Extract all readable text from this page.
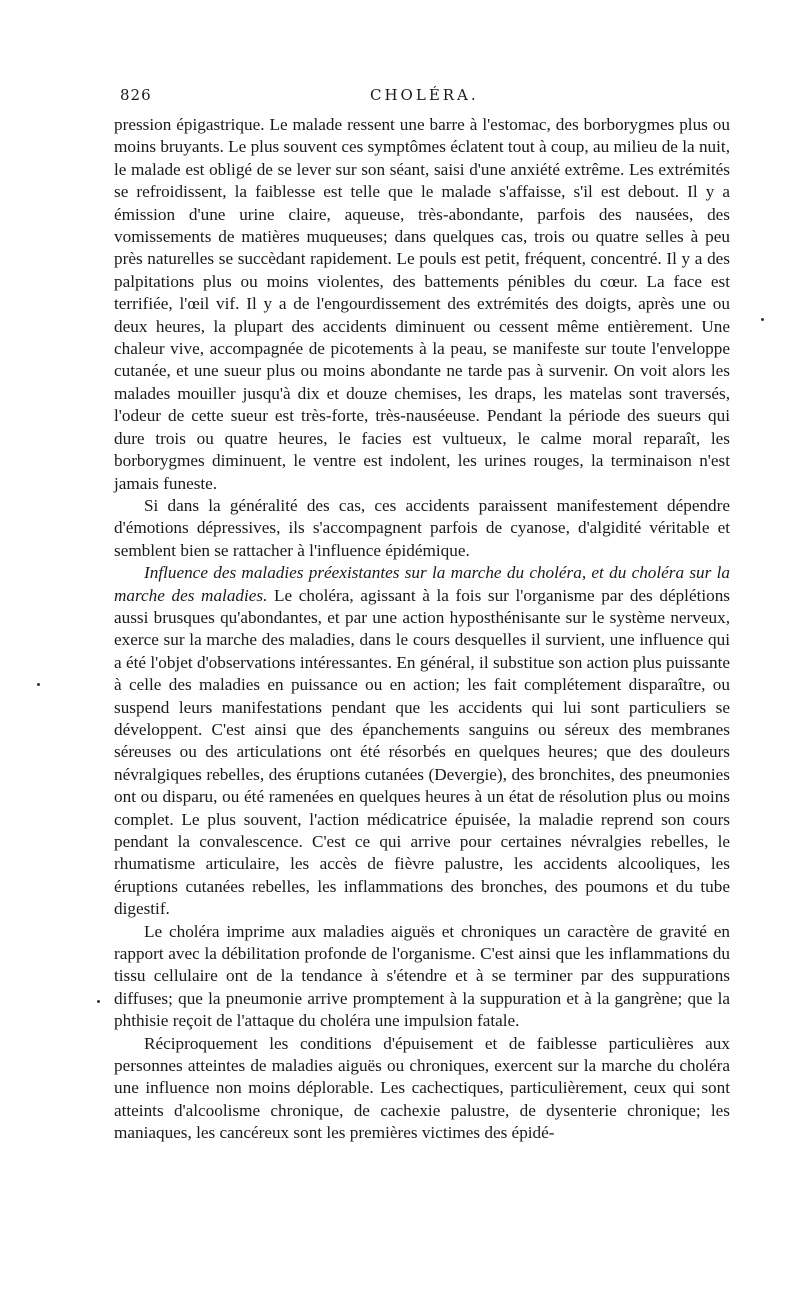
826	CHOLÉRA.

pression épigastrique. Le malade ressent une barre à l'estomac, des borborygmes plus ou moins bruyants. Le plus souvent ces symptômes éclatent tout à coup, au milieu de la nuit, le malade est obligé de se lever sur son séant, saisi d'une anxiété extrême. Les extrémités se refroidissent, la faiblesse est telle que le malade s'affaisse, s'il est debout. Il y a émission d'une urine claire, aqueuse, très-abondante, parfois des nausées, des vomissements de matières muqueuses; dans quelques cas, trois ou quatre selles à peu près naturelles se succèdant rapidement. Le pouls est petit, fréquent, concentré. Il y a des palpitations plus ou moins violentes, des battements pénibles du cœur. La face est terrifiée, l'œil vif. Il y a de l'engourdissement des extrémités des doigts, après une ou deux heures, la plupart des accidents diminuent ou cessent même entièrement. Une chaleur vive, accompagnée de picotements à la peau, se manifeste sur toute l'enveloppe cutanée, et une sueur plus ou moins abondante ne tarde pas à survenir. On voit alors les malades mouiller jusqu'à dix et douze chemises, les draps, les matelas sont traversés, l'odeur de cette sueur est très-forte, très-nauséeuse. Pendant la période des sueurs qui dure trois ou quatre heures, le facies est vultueux, le calme moral reparaît, les borborygmes diminuent, le ventre est indolent, les urines rouges, la terminaison n'est jamais funeste.

Si dans la généralité des cas, ces accidents paraissent manifestement dépendre d'émotions dépressives, ils s'accompagnent parfois de cyanose, d'algidité véritable et semblent bien se rattacher à l'influence épidémique.

Influence des maladies préexistantes sur la marche du choléra, et du choléra sur la marche des maladies. Le choléra, agissant à la fois sur l'organisme par des déplétions aussi brusques qu'abondantes, et par une action hyposthénisante sur le système nerveux, exerce sur la marche des maladies, dans le cours desquelles il survient, une influence qui a été l'objet d'observations intéressantes. En général, il substitue son action plus puissante à celle des maladies en puissance ou en action; les fait complétement disparaître, ou suspend leurs manifestations pendant que les accidents qui lui sont particuliers se développent. C'est ainsi que des épanchements sanguins ou séreux des membranes séreuses ou des articulations ont été résorbés en quelques heures; que des douleurs névralgiques rebelles, des éruptions cutanées (Devergie), des bronchites, des pneumonies ont ou disparu, ou été ramenées en quelques heures à un état de résolution plus ou moins complet. Le plus souvent, l'action médicatrice épuisée, la maladie reprend son cours pendant la convalescence. C'est ce qui arrive pour certaines névralgies rebelles, le rhumatisme articulaire, les accès de fièvre palustre, les accidents alcooliques, les éruptions cutanées rebelles, les inflammations des bronches, des poumons et du tube digestif.

Le choléra imprime aux maladies aiguës et chroniques un caractère de gravité en rapport avec la débilitation profonde de l'organisme. C'est ainsi que les inflammations du tissu cellulaire ont de la tendance à s'étendre et à se terminer par des suppurations diffuses; que la pneumonie arrive promptement à la suppuration et à la gangrène; que la phthisie reçoit de l'attaque du choléra une impulsion fatale.

Réciproquement les conditions d'épuisement et de faiblesse particulières aux personnes atteintes de maladies aiguës ou chroniques, exercent sur la marche du choléra une influence non moins déplorable. Les cachectiques, particulièrement, ceux qui sont atteints d'alcoolisme chronique, de cachexie palustre, de dysenterie chronique; les maniaques, les cancéreux sont les premières victimes des épidé-
